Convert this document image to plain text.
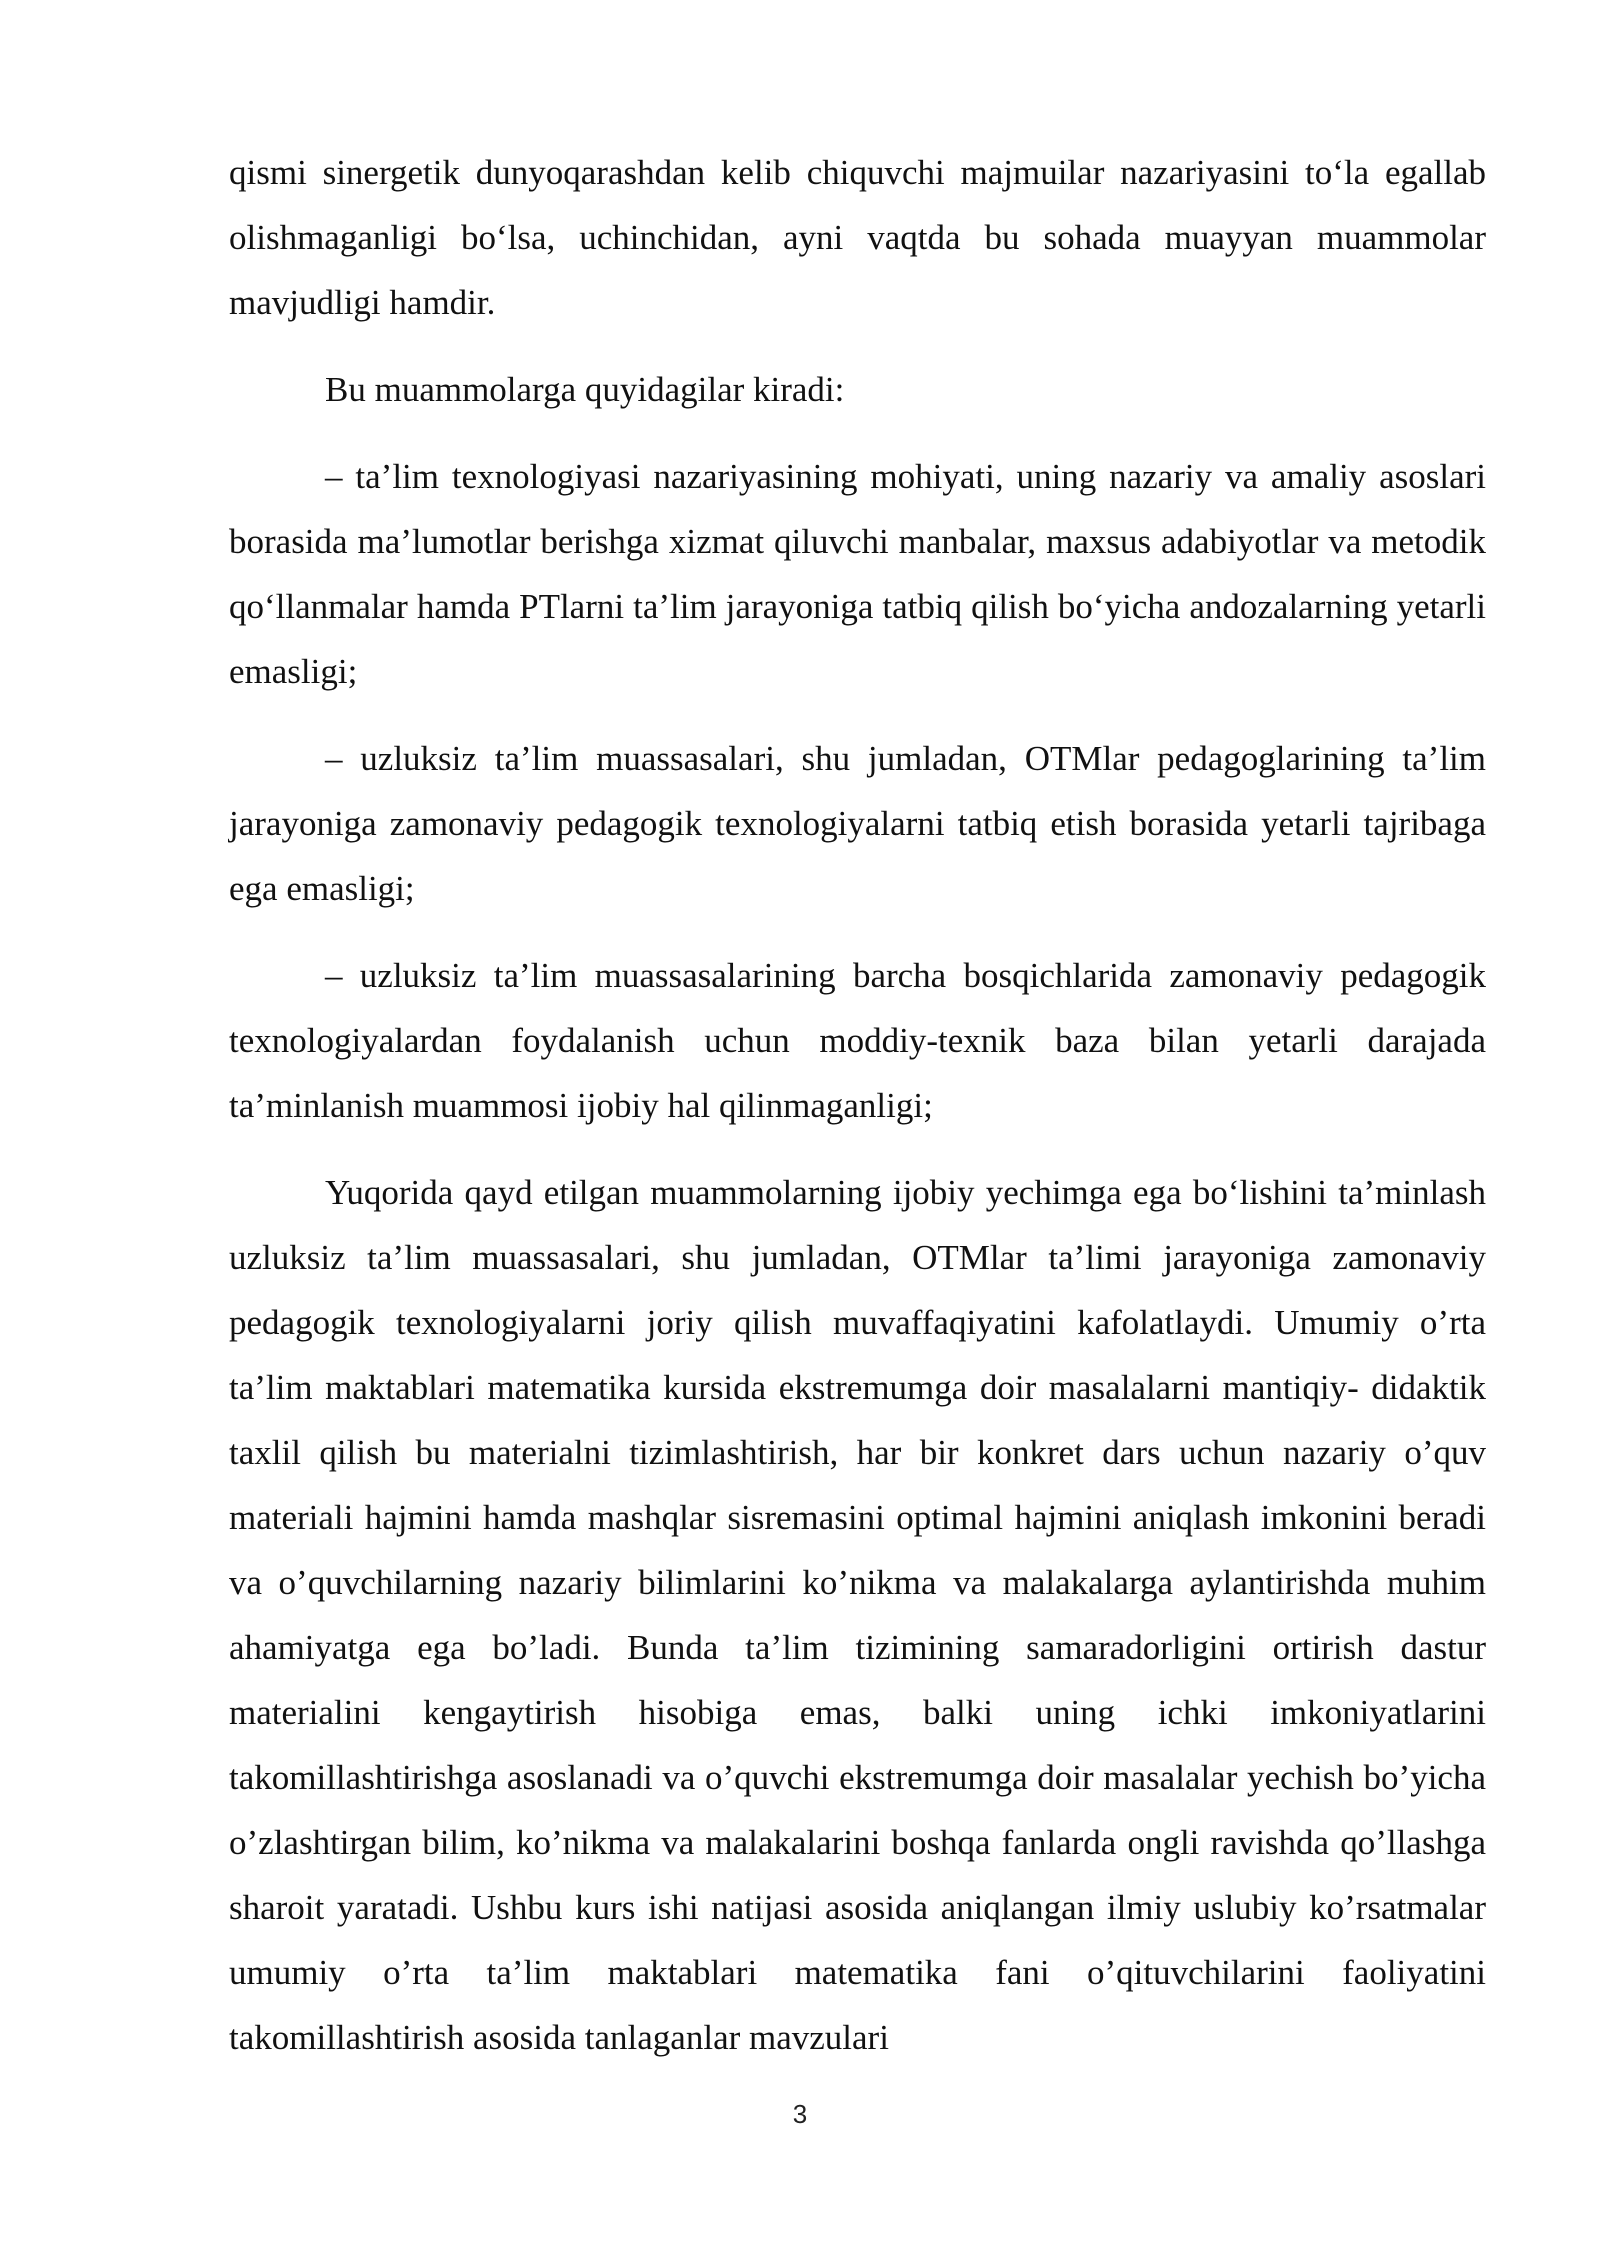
qismi sinergetik dunyoqarashdan kelib chiquvchi majmuilar nazariyasini to‘la egallab olishmaganligi bo‘lsa, uchinchidan, ayni vaqtda bu sohada muayyan muammolar mavjudligi hamdir.

Bu muammolarga quyidagilar kiradi:

– ta’lim texnologiyasi nazariyasining mohiyati, uning nazariy va amaliy asoslari borasida ma’lumotlar berishga xizmat qiluvchi manbalar, maxsus adabiyotlar va metodik qo‘llanmalar hamda PTlarni ta’lim jarayoniga tatbiq qilish bo‘yicha andozalarning yetarli emasligi;

– uzluksiz ta’lim muassasalari, shu jumladan, OTMlar pedagoglarining ta’lim jarayoniga zamonaviy pedagogik texnologiyalarni tatbiq etish borasida yetarli tajribaga ega emasligi;

– uzluksiz ta’lim muassasalarining barcha bosqichlarida zamonaviy pedagogik texnologiyalardan foydalanish uchun moddiy-texnik baza bilan yetarli darajada ta’minlanish muammosi ijobiy hal qilinmaganligi;

Yuqorida qayd etilgan muammolarning ijobiy yechimga ega bo‘lishini ta’minlash uzluksiz ta’lim muassasalari, shu jumladan, OTMlar ta’limi jarayoniga zamonaviy pedagogik texnologiyalarni joriy qilish muvaffaqiyatini kafolatlaydi. Umumiy o’rta ta’lim maktablari matematika kursida ekstremumga doir masalalarni mantiqiy- didaktik taxlil qilish bu materialni tizimlashtirish, har bir konkret dars uchun nazariy o’quv materiali hajmini hamda mashqlar sisremasini optimal hajmini aniqlash imkonini beradi va o’quvchilarning nazariy bilimlarini ko’nikma va malakalarga aylantirishda muhim ahamiyatga ega bo’ladi. Bunda ta’lim tizimining samaradorligini ortirish dastur materialini kengaytirish hisobiga emas, balki uning ichki imkoniyatlarini takomillashtirishga asoslanadi va o’quvchi ekstremumga doir masalalar yechish bo’yicha o’zlashtirgan bilim, ko’nikma va malakalarini boshqa fanlarda ongli ravishda qo’llashga sharoit yaratadi. Ushbu kurs ishi natijasi asosida aniqlangan ilmiy uslubiy ko’rsatmalar umumiy o’rta ta’lim maktablari matematika fani o’qituvchilarini faoliyatini takomillashtirish asosida tanlaganlar mavzulari

3
